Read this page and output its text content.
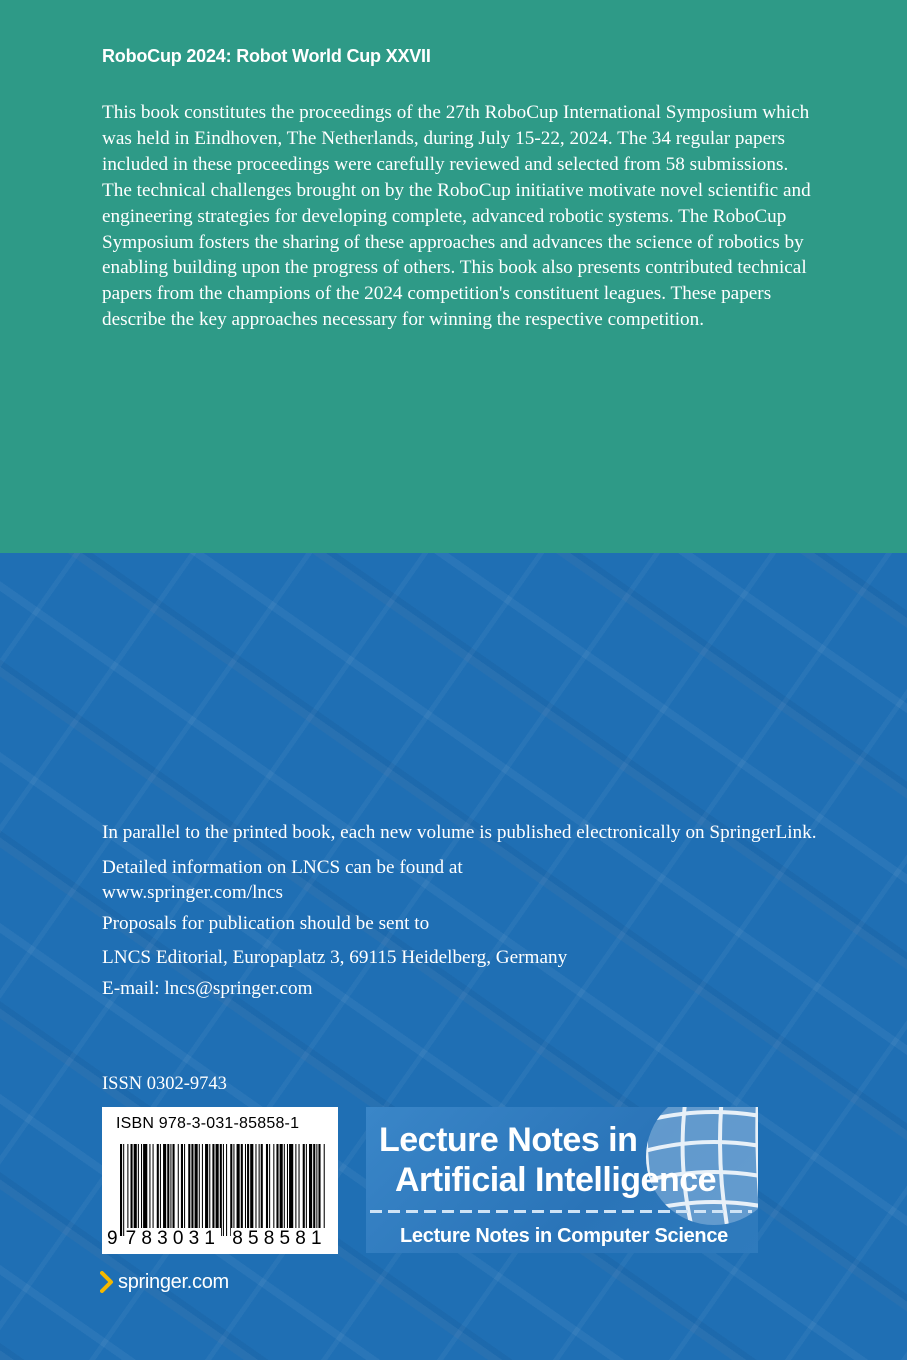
RoboCup 2024: Robot World Cup XXVII
This book constitutes the proceedings of the 27th RoboCup International Symposium which was held in Eindhoven, The Netherlands, during July 15-22, 2024. The 34 regular papers included in these proceedings were carefully reviewed and selected from 58 submissions. The technical challenges brought on by the RoboCup initiative motivate novel scientific and engineering strategies for developing complete, advanced robotic systems. The RoboCup Symposium fosters the sharing of these approaches and advances the science of robotics by enabling building upon the progress of others. This book also presents contributed technical papers from the champions of the 2024 competition's constituent leagues. These papers describe the key approaches necessary for winning the respective competition.

In parallel to the printed book, each new volume is published electronically on SpringerLink.

Detailed information on LNCS can be found at
www.springer.com/lncs

Proposals for publication should be sent to

LNCS Editorial, Europaplatz 3, 69115 Heidelberg, Germany

E-mail: lncs@springer.com

ISSN 0302-9743
ISBN 978-3-031-85858-1
9 783031 858581
Lecture Notes in
Artificial Intelligence
Lecture Notes in Computer Science
springer.com
